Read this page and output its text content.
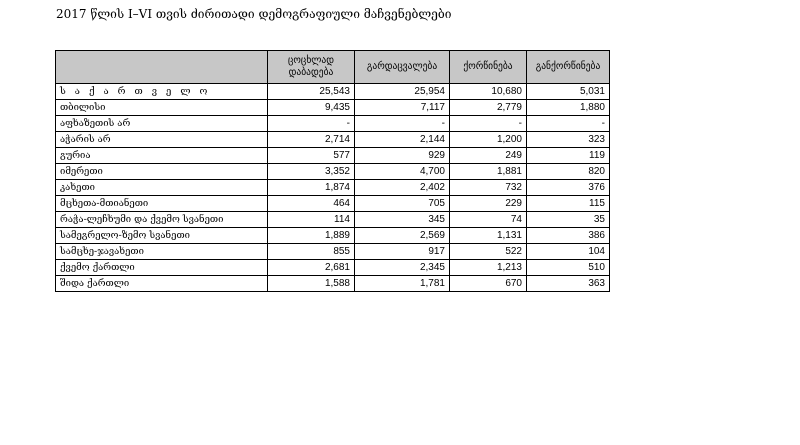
2017 წლის I–VI თვის ძირითადი დემოგრაფიული მაჩვენებლები
	ცოცხლად დაბადება	გარდაცვალება	ქორწინება	განქორწინება
ს ა ქ ა რ თ ვ ე ლ ო	25,543	25,954	10,680	5,031
თბილისი	9,435	7,117	2,779	1,880
აფხაზეთის არ	-	-	-	-
აჭარის არ	2,714	2,144	1,200	323
გურია	577	929	249	119
იმერეთი	3,352	4,700	1,881	820
კახეთი	1,874	2,402	732	376
მცხეთა-მთიანეთი	464	705	229	115
რაჭა-ლეჩხუმი და ქვემო სვანეთი	114	345	74	35
სამეგრელო-ზემო სვანეთი	1,889	2,569	1,131	386
სამცხე-ჯავახეთი	855	917	522	104
ქვემო ქართლი	2,681	2,345	1,213	510
შიდა ქართლი	1,588	1,781	670	363
